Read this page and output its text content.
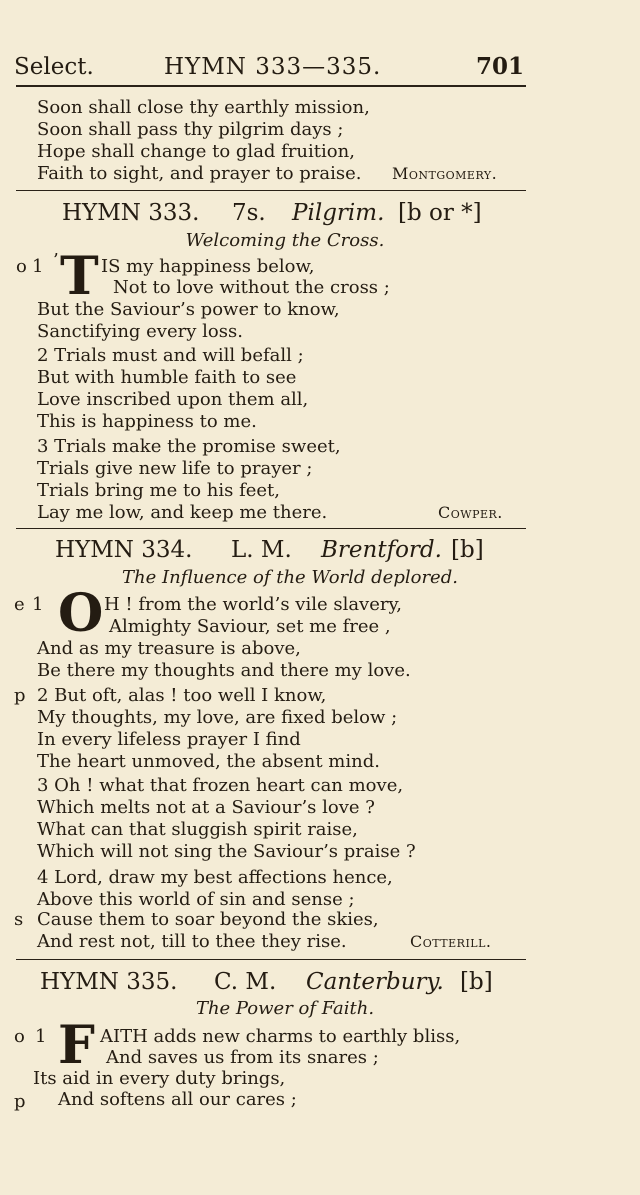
Select.	HYMN 333—335.	701
Soon shall close thy earthly mission,
Soon shall pass thy pilgrim days ;
Hope shall change to glad fruition,
Faith to sight, and prayer to praise. Montgomery.
HYMN 333. 7s. Pilgrim. [b or *]
Welcoming the Cross.
o 1 ’ T IS my happiness below,
Not to love without the cross ;
But the Saviour’s power to know,
Sanctifying every loss.
2 Trials must and will befall ;
But with humble faith to see
Love inscribed upon them all,
This is happiness to me.
3 Trials make the promise sweet,
Trials give new life to prayer ;
Trials bring me to his feet,
Lay me low, and keep me there.	Cowper.
HYMN 334. L. M. Brentford. [b]
The Influence of the World deplored.
e 1 O H ! from the world’s vile slavery,
Almighty Saviour, set me free ,
And as my treasure is above,
Be there my thoughts and there my love.
p 2 But oft, alas ! too well I know,
My thoughts, my love, are fixed below ;
In every lifeless prayer I find
The heart unmoved, the absent mind.
3 Oh ! what that frozen heart can move,
Which melts not at a Saviour’s love ?
What can that sluggish spirit raise,
Which will not sing the Saviour’s praise ?
4 Lord, draw my best affections hence,
Above this world of sin and sense ;
s Cause them to soar beyond the skies,
And rest not, till to thee they rise.	Cotterill.
HYMN 335. C. M. Canterbury. [b]
The Power of Faith.
o 1 F AITH adds new charms to earthly bliss,
And saves us from its snares ;
Its aid in every duty brings,
p And softens all our cares ;
